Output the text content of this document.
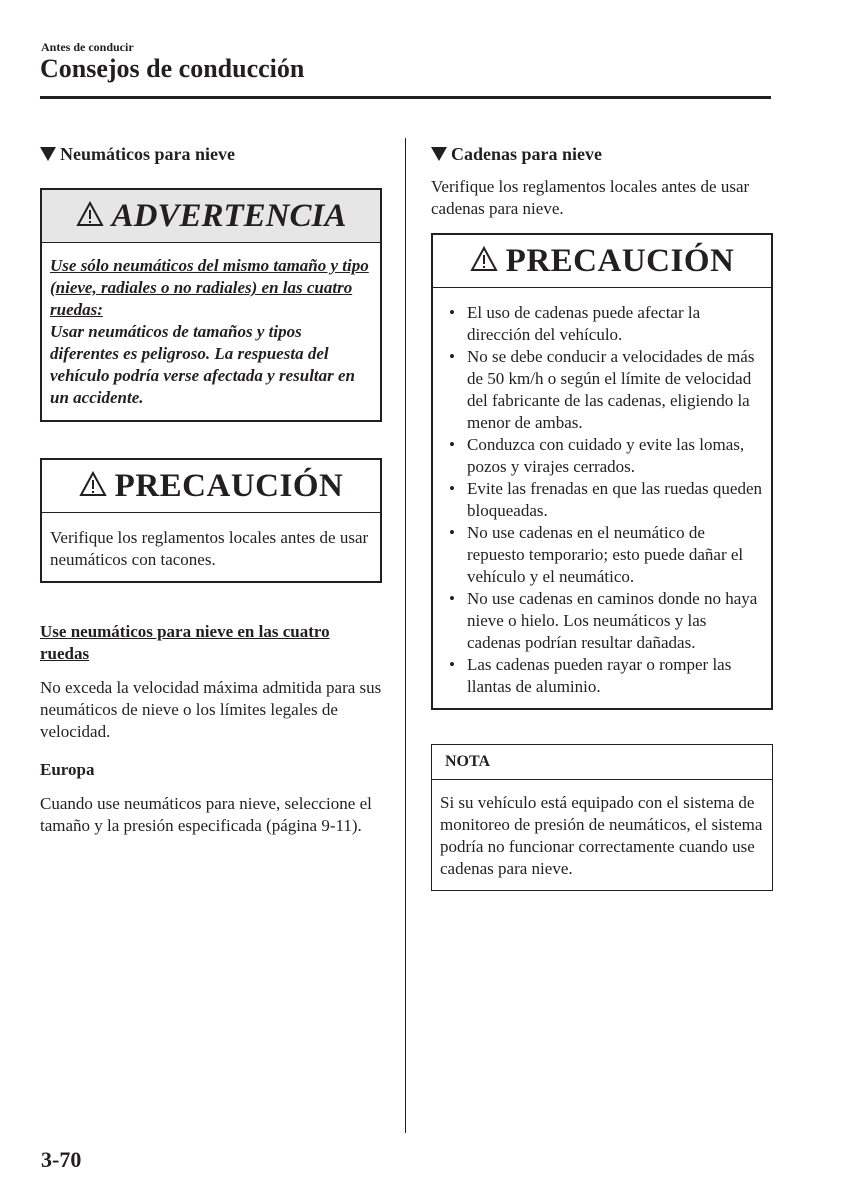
Antes de conducir
Consejos de conducción
Neumáticos para nieve
ADVERTENCIA
Use sólo neumáticos del mismo tamaño y tipo (nieve, radiales o no radiales) en las cuatro ruedas:
Usar neumáticos de tamaños y tipos diferentes es peligroso. La respuesta del vehículo podría verse afectada y resultar en un accidente.
PRECAUCIÓN
Verifique los reglamentos locales antes de usar neumáticos con tacones.

Use neumáticos para nieve en las cuatro ruedas

No exceda la velocidad máxima admitida para sus neumáticos de nieve o los límites legales de velocidad.

Europa

Cuando use neumáticos para nieve, seleccione el tamaño y la presión especificada (página 9-11).

Cadenas para nieve

Verifique los reglamentos locales antes de usar cadenas para nieve.

PRECAUCIÓN
• El uso de cadenas puede afectar la dirección del vehículo.
• No se debe conducir a velocidades de más de 50 km/h o según el límite de velocidad del fabricante de las cadenas, eligiendo la menor de ambas.
• Conduzca con cuidado y evite las lomas, pozos y virajes cerrados.
• Evite las frenadas en que las ruedas queden bloqueadas.
• No use cadenas en el neumático de repuesto temporario; esto puede dañar el vehículo y el neumático.
• No use cadenas en caminos donde no haya nieve o hielo. Los neumáticos y las cadenas podrían resultar dañadas.
• Las cadenas pueden rayar o romper las llantas de aluminio.
NOTA
Si su vehículo está equipado con el sistema de monitoreo de presión de neumáticos, el sistema podría no funcionar correctamente cuando use cadenas para nieve.
3-70
